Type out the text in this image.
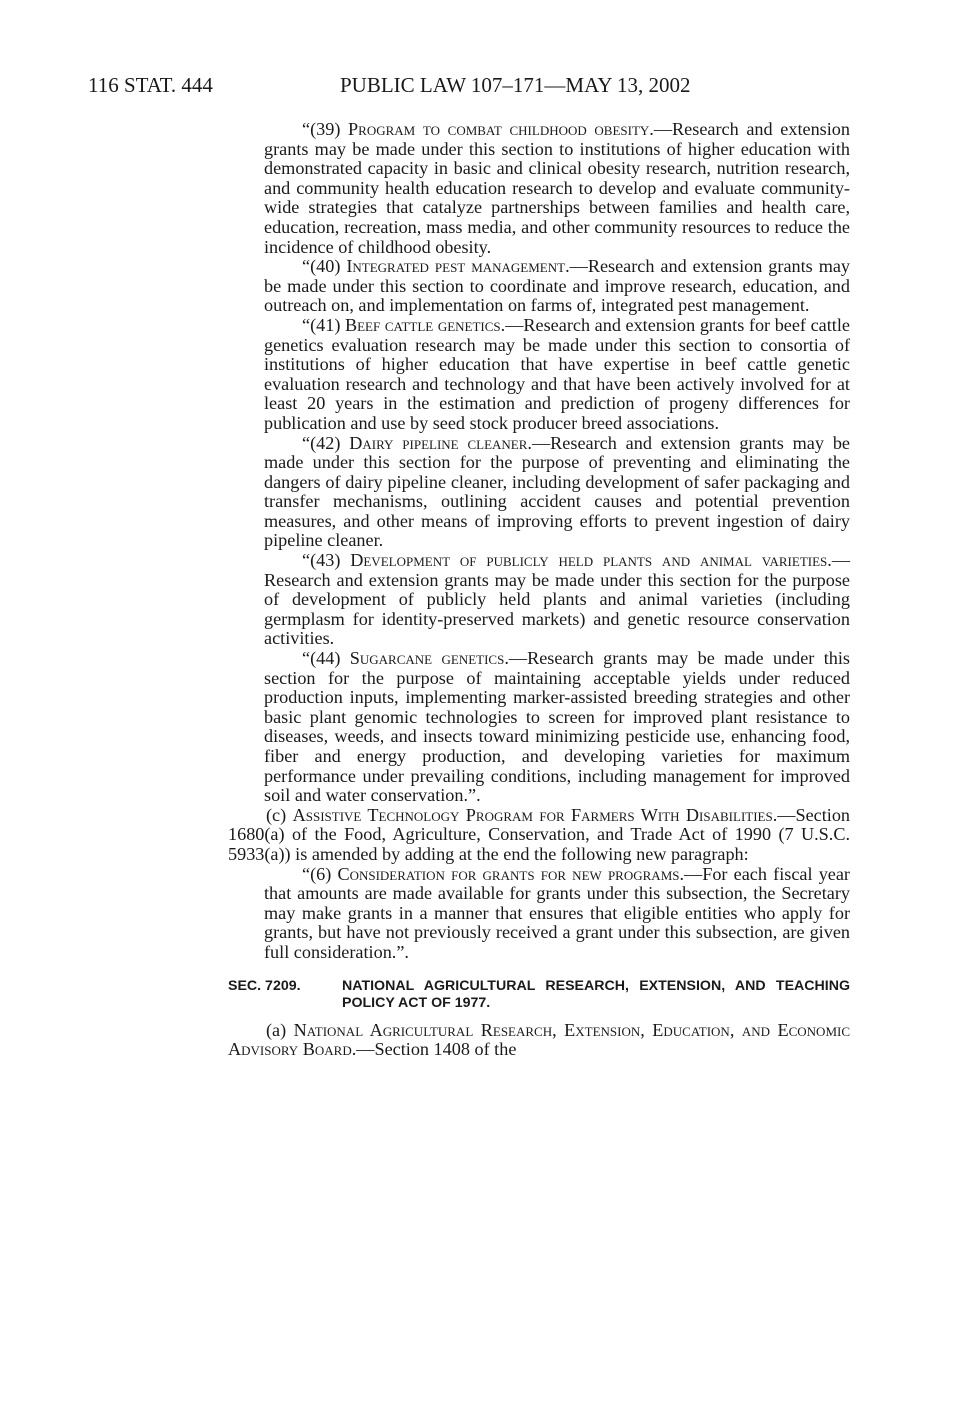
116 STAT. 444	PUBLIC LAW 107–171—MAY 13, 2002

“(39) Program to combat childhood obesity.—Research and extension grants may be made under this section to institutions of higher education with demonstrated capacity in basic and clinical obesity research, nutrition research, and community health education research to develop and evaluate community-wide strategies that catalyze partnerships between families and health care, education, recreation, mass media, and other community resources to reduce the incidence of childhood obesity.

“(40) Integrated pest management.—Research and extension grants may be made under this section to coordinate and improve research, education, and outreach on, and implementation on farms of, integrated pest management.

“(41) Beef cattle genetics.—Research and extension grants for beef cattle genetics evaluation research may be made under this section to consortia of institutions of higher education that have expertise in beef cattle genetic evaluation research and technology and that have been actively involved for at least 20 years in the estimation and prediction of progeny differences for publication and use by seed stock producer breed associations.

“(42) Dairy pipeline cleaner.—Research and extension grants may be made under this section for the purpose of preventing and eliminating the dangers of dairy pipeline cleaner, including development of safer packaging and transfer mechanisms, outlining accident causes and potential prevention measures, and other means of improving efforts to prevent ingestion of dairy pipeline cleaner.

“(43) Development of publicly held plants and animal varieties.—Research and extension grants may be made under this section for the purpose of development of publicly held plants and animal varieties (including germplasm for identity-preserved markets) and genetic resource conservation activities.

“(44) Sugarcane genetics.—Research grants may be made under this section for the purpose of maintaining acceptable yields under reduced production inputs, implementing marker-assisted breeding strategies and other basic plant genomic technologies to screen for improved plant resistance to diseases, weeds, and insects toward minimizing pesticide use, enhancing food, fiber and energy production, and developing varieties for maximum performance under prevailing conditions, including management for improved soil and water conservation.”.

(c) Assistive Technology Program for Farmers With Disabilities.—Section 1680(a) of the Food, Agriculture, Conservation, and Trade Act of 1990 (7 U.S.C. 5933(a)) is amended by adding at the end the following new paragraph:

“(6) Consideration for grants for new programs.—For each fiscal year that amounts are made available for grants under this subsection, the Secretary may make grants in a manner that ensures that eligible entities who apply for grants, but have not previously received a grant under this subsection, are given full consideration.”.

SEC. 7209.	NATIONAL AGRICULTURAL RESEARCH, EXTENSION, AND TEACHING POLICY ACT OF 1977.

(a) National Agricultural Research, Extension, Education, and Economic Advisory Board.—Section 1408 of the
